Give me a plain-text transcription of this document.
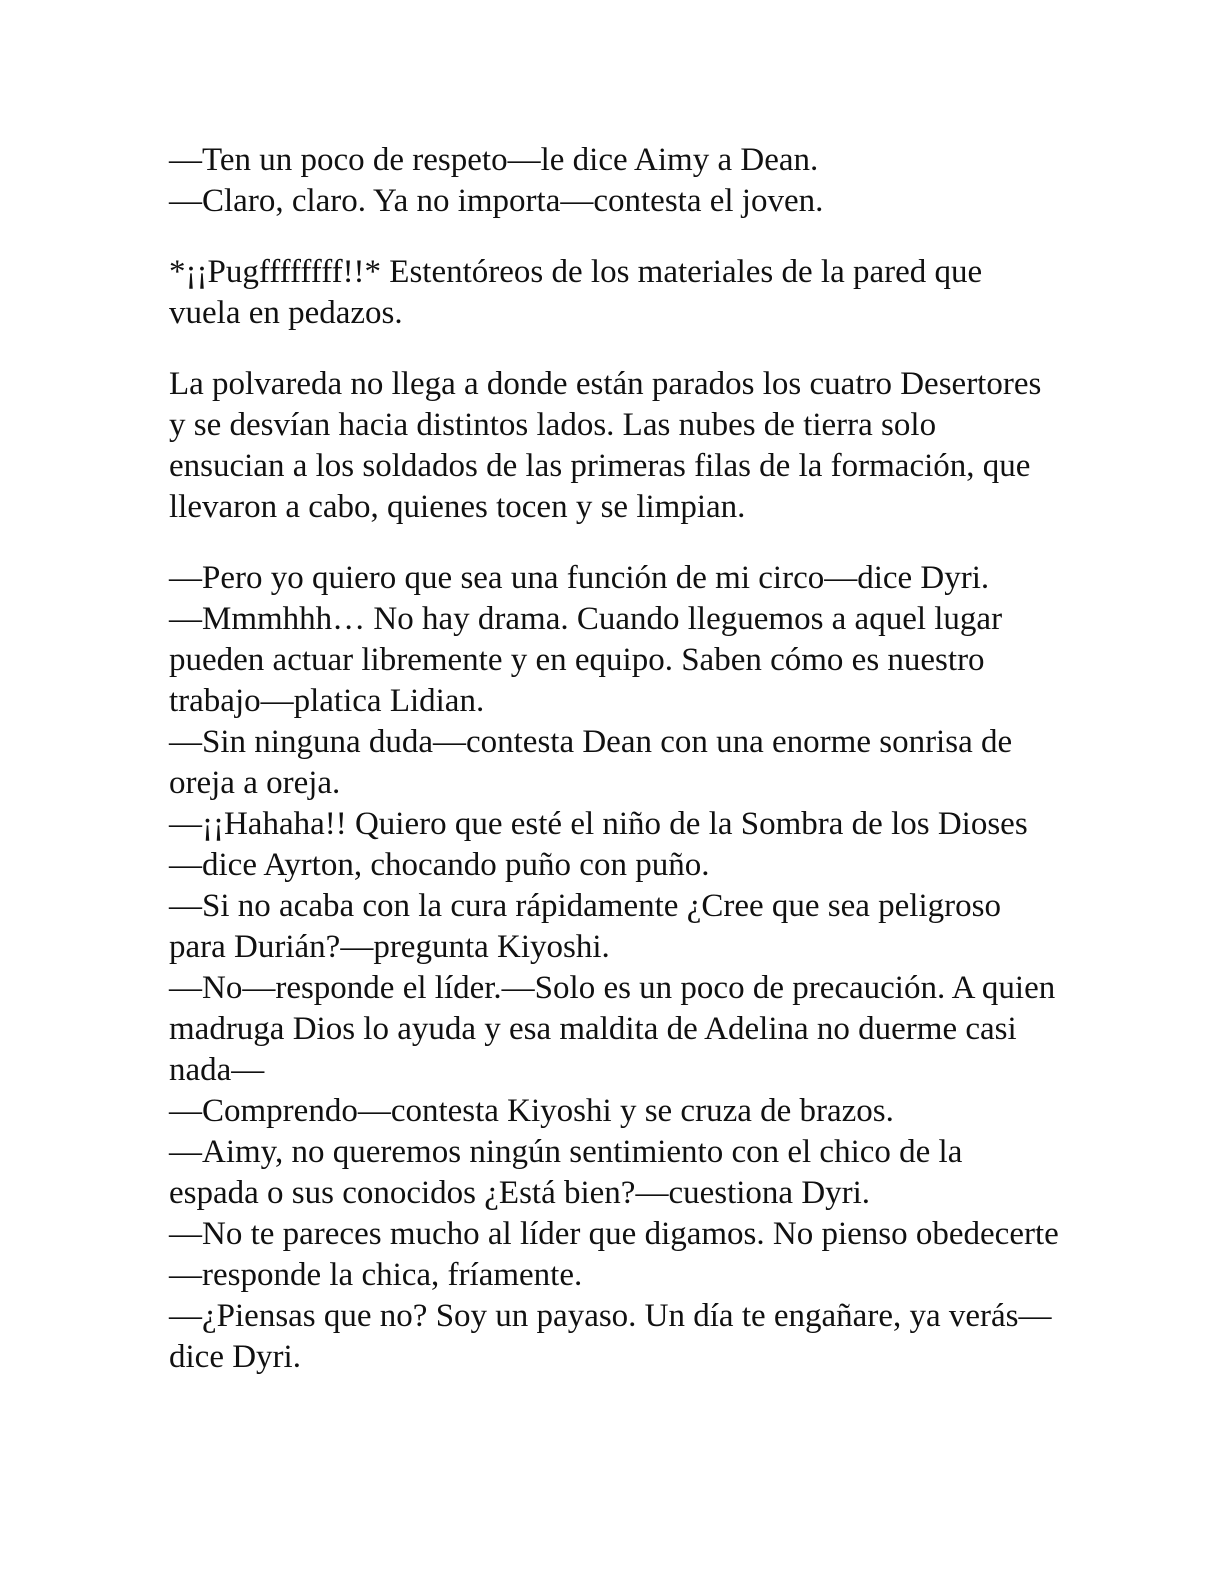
—Ten un poco de respeto—le dice Aimy a Dean.
—Claro, claro. Ya no importa—contesta el joven.
*¡¡Pugffffffff!!* Estentóreos de los materiales de la pared que vuela en pedazos.
La polvareda no llega a donde están parados los cuatro Desertores y se desvían hacia distintos lados. Las nubes de tierra solo ensucian a los soldados de las primeras filas de la formación, que llevaron a cabo, quienes tocen y se limpian.
—Pero yo quiero que sea una función de mi circo—dice Dyri.
—Mmmhhh… No hay drama. Cuando lleguemos a aquel lugar pueden actuar libremente y en equipo. Saben cómo es nuestro trabajo—platica Lidian.
—Sin ninguna duda—contesta Dean con una enorme sonrisa de oreja a oreja.
—¡¡Hahaha!! Quiero que esté el niño de la Sombra de los Dioses—dice Ayrton, chocando puño con puño.
—Si no acaba con la cura rápidamente ¿Cree que sea peligroso para Durián?—pregunta Kiyoshi.
—No—responde el líder.—Solo es un poco de precaución. A quien madruga Dios lo ayuda y esa maldita de Adelina no duerme casi nada—
—Comprendo—contesta Kiyoshi y se cruza de brazos.
—Aimy, no queremos ningún sentimiento con el chico de la espada o sus conocidos ¿Está bien?—cuestiona Dyri.
—No te pareces mucho al líder que digamos. No pienso obedecerte—responde la chica, fríamente.
—¿Piensas que no? Soy un payaso. Un día te engañare, ya verás—dice Dyri.
